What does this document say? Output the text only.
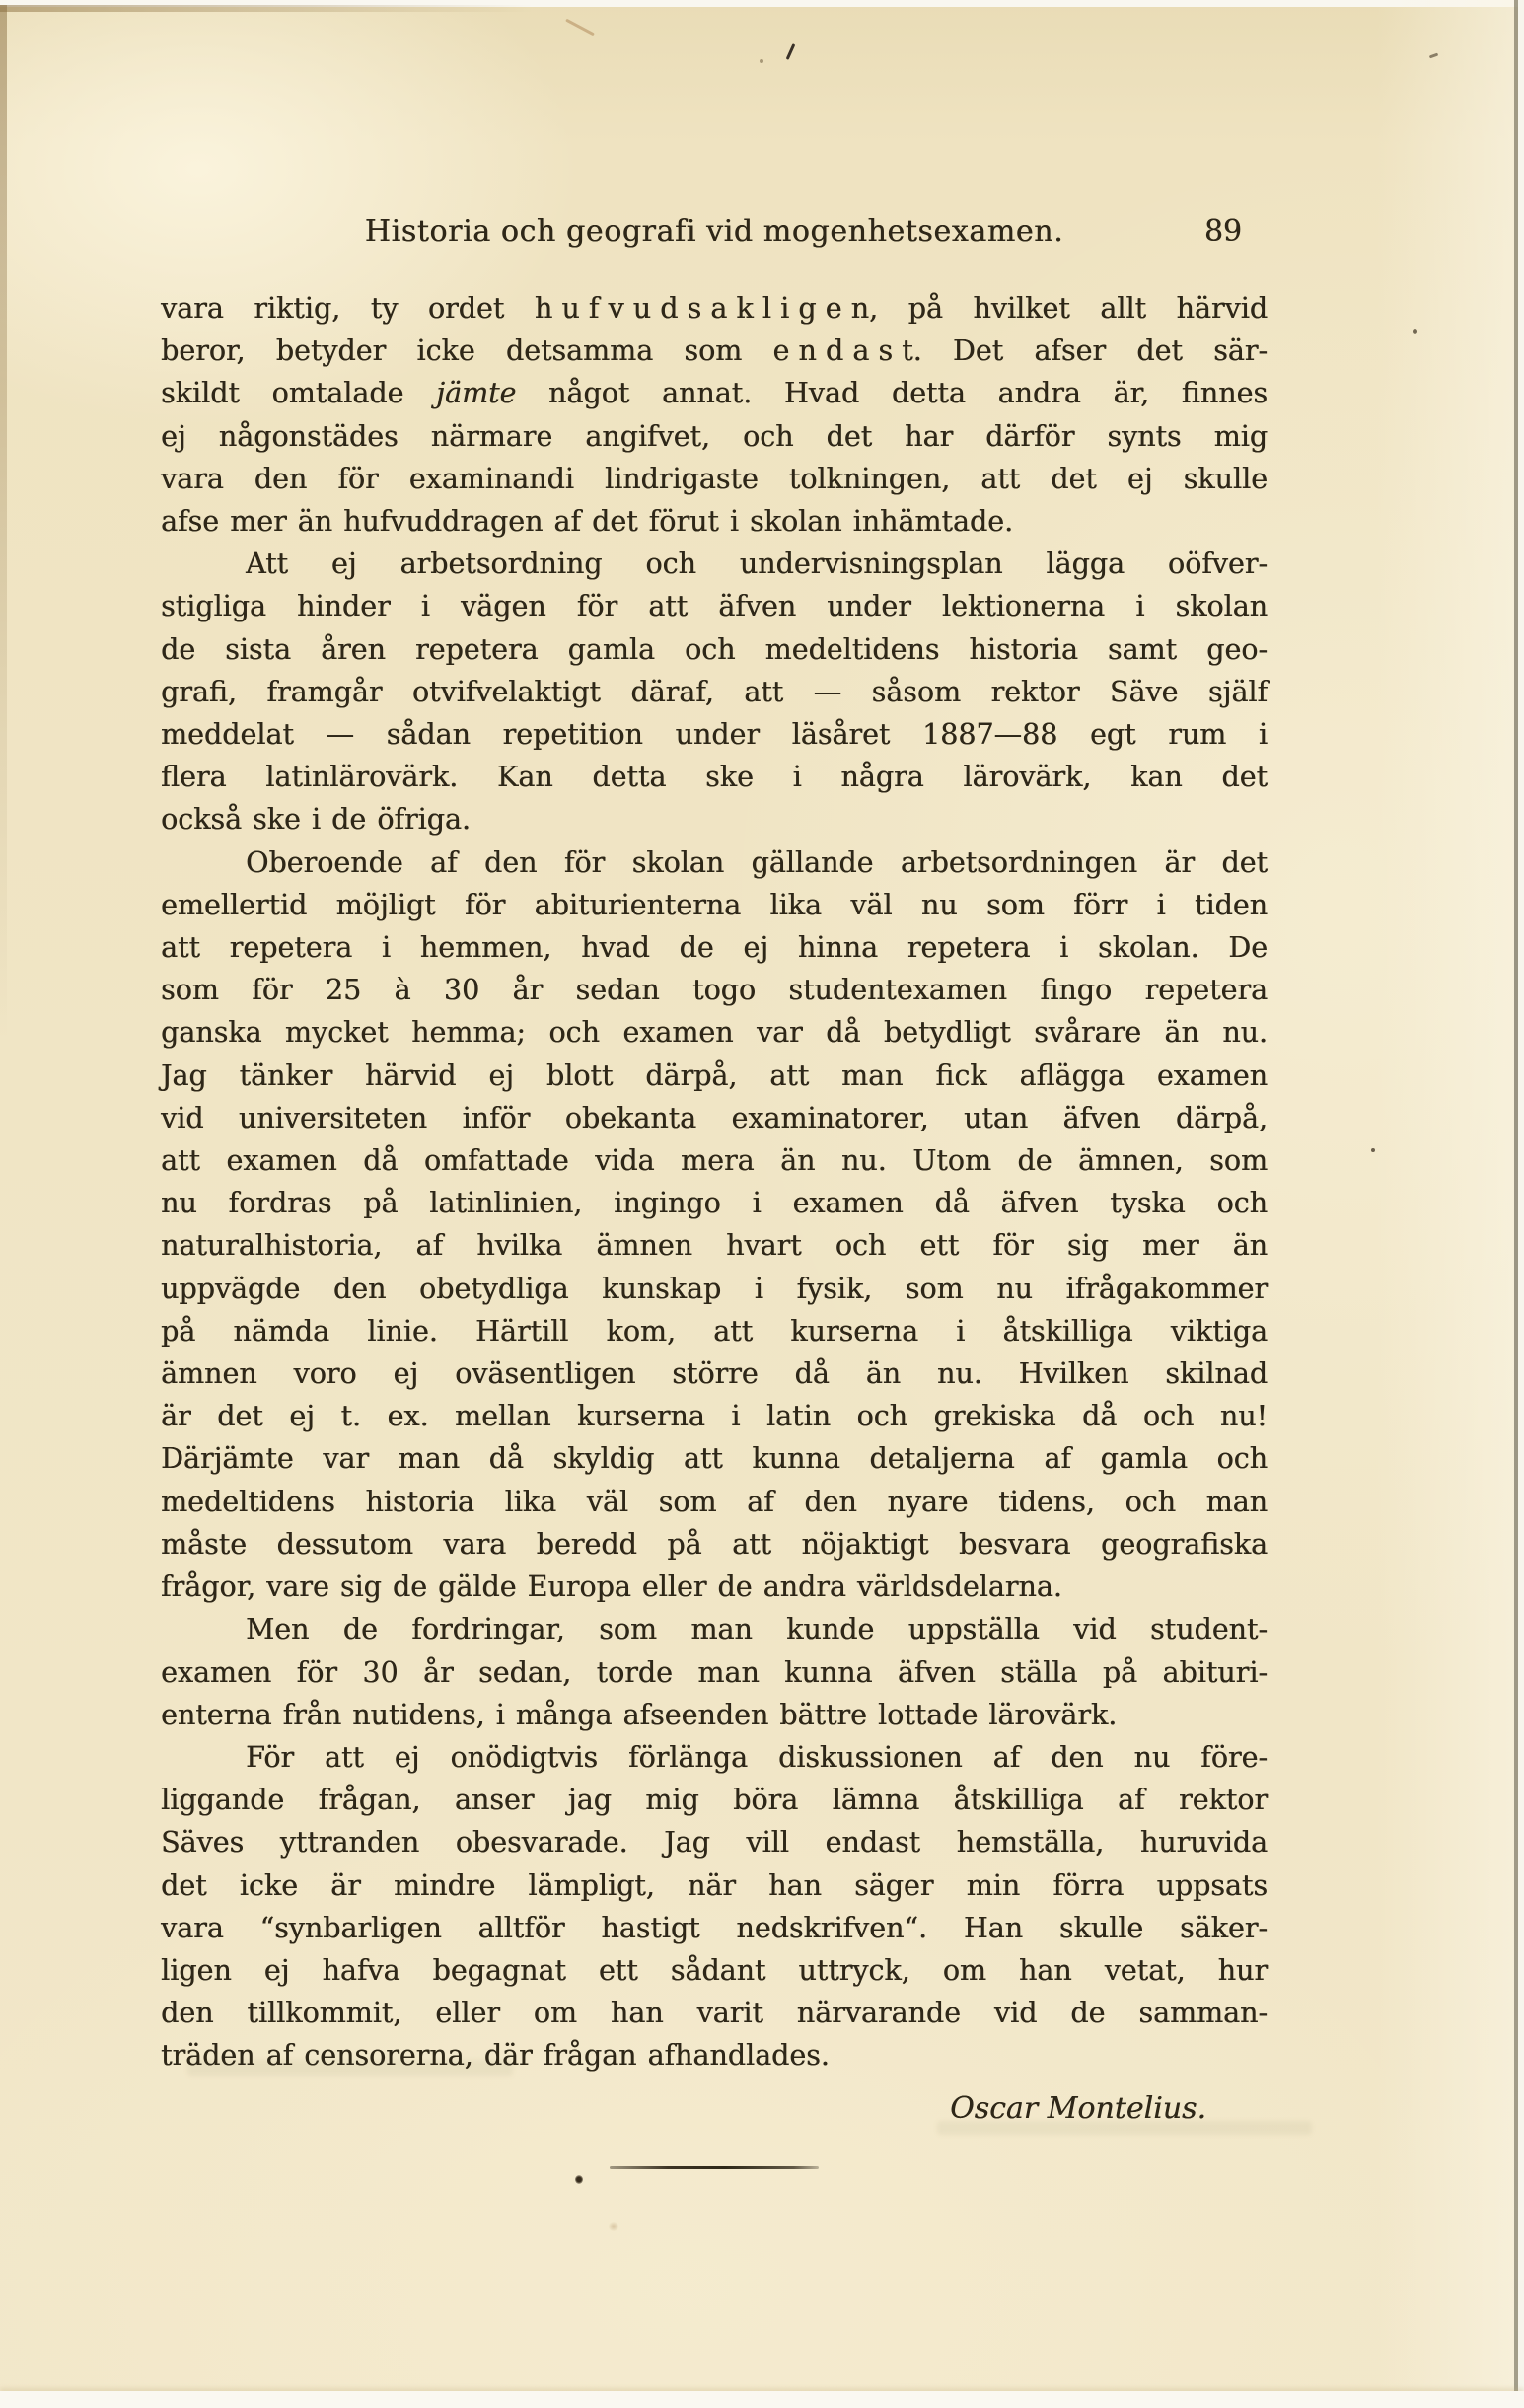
Historia och geografi vid mogenhetsexamen.	89
vara riktig, ty ordet hufvudsakligen, på hvilket allt härvid
beror, betyder icke detsamma som endast. Det afser det sär-
skildt omtalade jämte något annat. Hvad detta andra är, finnes
ej någonstädes närmare angifvet, och det har därför synts mig
vara den för examinandi lindrigaste tolkningen, att det ej skulle
afse mer än hufvuddragen af det förut i skolan inhämtade.
Att ej arbetsordning och undervisningsplan lägga oöfver-
stigliga hinder i vägen för att äfven under lektionerna i skolan
de sista åren repetera gamla och medeltidens historia samt geo-
grafi, framgår otvifvelaktigt däraf, att — såsom rektor Säve själf
meddelat — sådan repetition under läsåret 1887—88 egt rum i
flera latinlärovärk. Kan detta ske i några lärovärk, kan det
också ske i de öfriga.
Oberoende af den för skolan gällande arbetsordningen är det
emellertid möjligt för abiturienterna lika väl nu som förr i tiden
att repetera i hemmen, hvad de ej hinna repetera i skolan. De
som för 25 à 30 år sedan togo studentexamen fingo repetera
ganska mycket hemma; och examen var då betydligt svårare än nu.
Jag tänker härvid ej blott därpå, att man fick aflägga examen
vid universiteten inför obekanta examinatorer, utan äfven därpå,
att examen då omfattade vida mera än nu. Utom de ämnen, som
nu fordras på latinlinien, ingingo i examen då äfven tyska och
naturalhistoria, af hvilka ämnen hvart och ett för sig mer än
uppvägde den obetydliga kunskap i fysik, som nu ifrågakommer
på nämda linie. Härtill kom, att kurserna i åtskilliga viktiga
ämnen voro ej oväsentligen större då än nu. Hvilken skilnad
är det ej t. ex. mellan kurserna i latin och grekiska då och nu!
Därjämte var man då skyldig att kunna detaljerna af gamla och
medeltidens historia lika väl som af den nyare tidens, och man
måste dessutom vara beredd på att nöjaktigt besvara geografiska
frågor, vare sig de gälde Europa eller de andra världsdelarna.
Men de fordringar, som man kunde uppställa vid student-
examen för 30 år sedan, torde man kunna äfven ställa på abituri-
enterna från nutidens, i många afseenden bättre lottade lärovärk.
För att ej onödigtvis förlänga diskussionen af den nu före-
liggande frågan, anser jag mig böra lämna åtskilliga af rektor
Säves yttranden obesvarade. Jag vill endast hemställa, huruvida
det icke är mindre lämpligt, när han säger min förra uppsats
vara “synbarligen alltför hastigt nedskrifven“. Han skulle säker-
ligen ej hafva begagnat ett sådant uttryck, om han vetat, hur
den tillkommit, eller om han varit närvarande vid de samman-
träden af censorerna, där frågan afhandlades.
Oscar Montelius.
